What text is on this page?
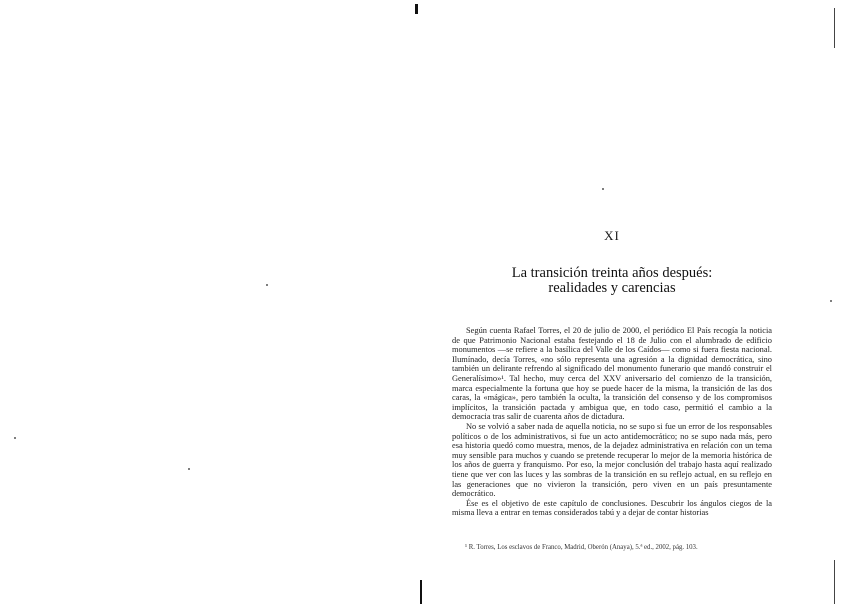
XI
La transición treinta años después:
realidades y carencias

Según cuenta Rafael Torres, el 20 de julio de 2000, el periódico El País recogía la noticia de que Patrimonio Nacional estaba festejando el 18 de Julio con el alumbrado de edificio monumentos —se refiere a la basílica del Valle de los Caídos— como si fuera fiesta nacional. Ilumínado, decía Torres, «no sólo representa una agresión a la dignidad democrática, sino también un delirante refrendo al significado del monumento funerario que mandó construir el Generalísimo»¹. Tal hecho, muy cerca del XXV aniversario del comienzo de la transición, marca especialmente la fortuna que hoy se puede hacer de la misma, la transición de las dos caras, la «mágica», pero también la oculta, la transición del consenso y de los compromisos implícitos, la transición pactada y ambigua que, en todo caso, permitió el cambio a la democracia tras salir de cuarenta años de dictadura.

No se volvió a saber nada de aquella noticia, no se supo si fue un error de los responsables políticos o de los administrativos, si fue un acto antidemocrático; no se supo nada más, pero esa historia quedó como muestra, menos, de la dejadez administrativa en relación con un tema muy sensible para muchos y cuando se pretende recuperar lo mejor de la memoria histórica de los años de guerra y franquismo. Por eso, la mejor conclusión del trabajo hasta aquí realizado tiene que ver con las luces y las sombras de la transición en su reflejo actual, en su reflejo en las generaciones que no vivieron la transición, pero viven en un país presuntamente democrático.

Ése es el objetivo de este capítulo de conclusiones. Descubrir los ángulos ciegos de la misma lleva a entrar en temas considerados tabú y a dejar de contar historias

¹ R. Torres, Los esclavos de Franco, Madrid, Oberón (Anaya), 5.ª ed., 2002, pág. 103.
